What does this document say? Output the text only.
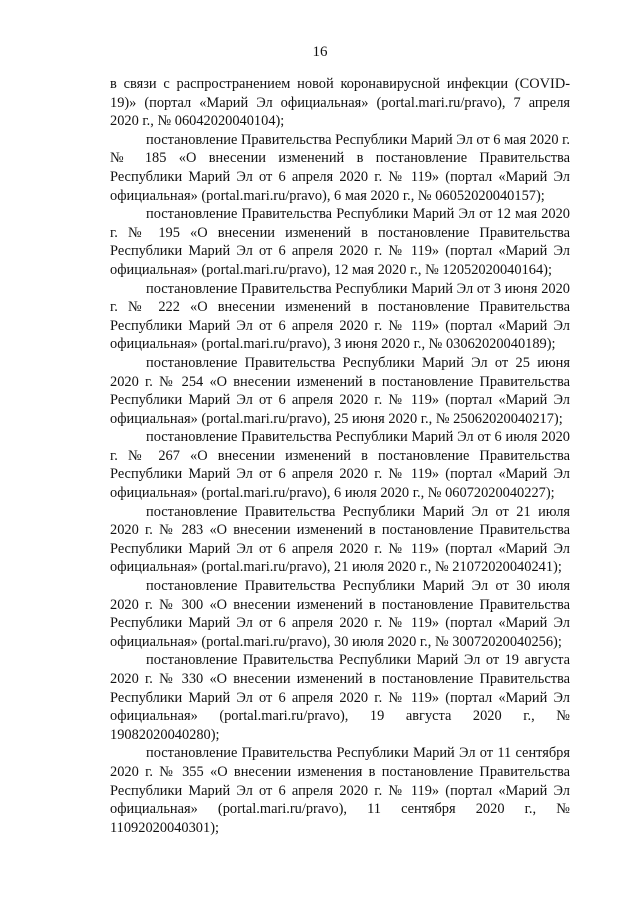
16

в связи с распространением новой коронавирусной инфекции (COVID-19)» (портал «Марий Эл официальная» (portal.mari.ru/pravo), 7 апреля 2020 г., № 06042020040104);

постановление Правительства Республики Марий Эл от 6 мая 2020 г. № 185 «О внесении изменений в постановление Правительства Республики Марий Эл от 6 апреля 2020 г. № 119» (портал «Марий Эл официальная» (portal.mari.ru/pravo), 6 мая 2020 г., № 06052020040157);

постановление Правительства Республики Марий Эл от 12 мая 2020 г. № 195 «О внесении изменений в постановление Правительства Республики Марий Эл от 6 апреля 2020 г. № 119» (портал «Марий Эл официальная» (portal.mari.ru/pravo), 12 мая 2020 г., № 12052020040164);

постановление Правительства Республики Марий Эл от 3 июня 2020 г. № 222 «О внесении изменений в постановление Правительства Республики Марий Эл от 6 апреля 2020 г. № 119» (портал «Марий Эл официальная» (portal.mari.ru/pravo), 3 июня 2020 г., № 03062020040189);

постановление Правительства Республики Марий Эл от 25 июня 2020 г. № 254 «О внесении изменений в постановление Правительства Республики Марий Эл от 6 апреля 2020 г. № 119» (портал «Марий Эл официальная» (portal.mari.ru/pravo), 25 июня 2020 г., № 25062020040217);

постановление Правительства Республики Марий Эл от 6 июля 2020 г. № 267 «О внесении изменений в постановление Правительства Республики Марий Эл от 6 апреля 2020 г. № 119» (портал «Марий Эл официальная» (portal.mari.ru/pravo), 6 июля 2020 г., № 06072020040227);

постановление Правительства Республики Марий Эл от 21 июля 2020 г. № 283 «О внесении изменений в постановление Правительства Республики Марий Эл от 6 апреля 2020 г. № 119» (портал «Марий Эл официальная» (portal.mari.ru/pravo), 21 июля 2020 г., № 21072020040241);

постановление Правительства Республики Марий Эл от 30 июля 2020 г. № 300 «О внесении изменений в постановление Правительства Республики Марий Эл от 6 апреля 2020 г. № 119» (портал «Марий Эл официальная» (portal.mari.ru/pravo), 30 июля 2020 г., № 30072020040256);

постановление Правительства Республики Марий Эл от 19 августа 2020 г. № 330 «О внесении изменений в постановление Правительства Республики Марий Эл от 6 апреля 2020 г. № 119» (портал «Марий Эл официальная» (portal.mari.ru/pravo), 19 августа 2020 г., № 19082020040280);

постановление Правительства Республики Марий Эл от 11 сентября 2020 г. № 355 «О внесении изменения в постановление Правительства Республики Марий Эл от 6 апреля 2020 г. № 119» (портал «Марий Эл официальная» (portal.mari.ru/pravo), 11 сентября 2020 г., № 11092020040301);
